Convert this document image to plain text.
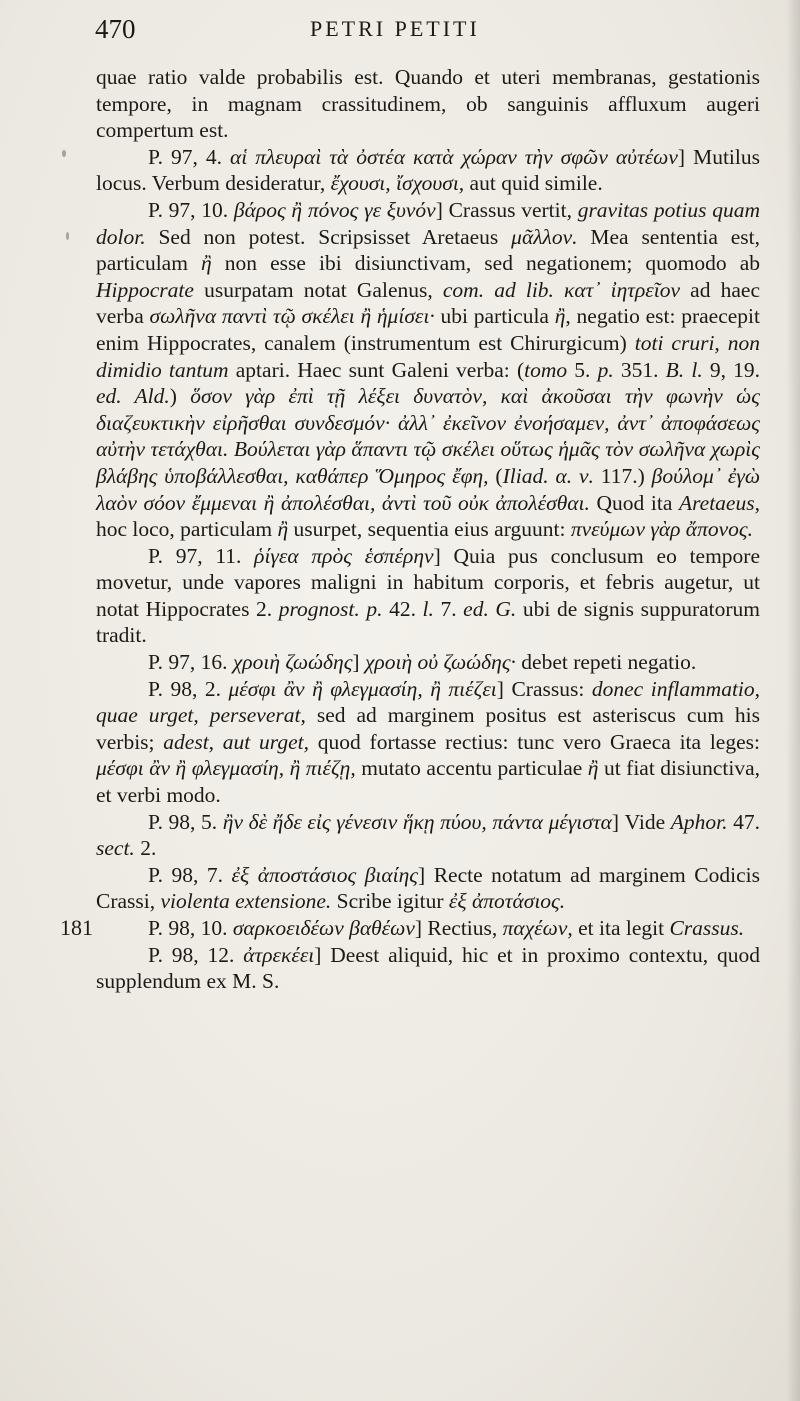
470	PETRI PETITI

quae ratio valde probabilis est. Quando et uteri membranas, gestationis tempore, in magnam crassitudinem, ob sanguinis affluxum augeri compertum est.

P. 97, 4. αἱ πλευραὶ τὰ ὀστέα κατὰ χώραν τὴν σφῶν αὐτέων] Mutilus locus. Verbum desideratur, ἔχουσι, ἴσχουσι, aut quid simile.

P. 97, 10. βάρος ἢ πόνος γε ξυνόν] Crassus vertit, gravitas potius quam dolor. Sed non potest. Scripsisset Aretaeus μᾶλλον. Mea sententia est, particulam ἢ non esse ibi disiunctivam, sed negationem; quomodo ab Hippocrate usurpatam notat Galenus, com. ad lib. κατ᾽ ἰητρεῖον ad haec verba σωλῆνα παντὶ τῷ σκέλει ἢ ἡμίσει· ubi particula ἢ, negatio est: praecepit enim Hippocrates, canalem (instrumentum est Chirurgicum) toti cruri, non dimidio tantum aptari. Haec sunt Galeni verba: (tomo 5. p. 351. B. l. 9, 19. ed. Ald.) ὅσον γὰρ ἐπὶ τῇ λέξει δυνατὸν, καὶ ἀκοῦσαι τὴν φωνὴν ὡς διαζευκτικὴν εἰρῆσθαι συνδεσμόν· ἀλλ᾽ ἐκεῖνον ἐνοήσαμεν, ἀντ᾽ ἀποφάσεως αὐτὴν τετάχθαι. Βούλεται γὰρ ἅπαντι τῷ σκέλει οὕτως ἡμᾶς τὸν σωλῆνα χωρὶς βλάβης ὑποβάλλεσθαι, καθάπερ Ὅμηρος ἔφη, (Iliad. α. ν. 117.) βούλομ᾽ ἐγὼ λαὸν σόον ἔμμεναι ἢ ἀπολέσθαι, ἀντὶ τοῦ οὐκ ἀπολέσθαι. Quod ita Aretaeus, hoc loco, particulam ἢ usurpet, sequentia eius arguunt: πνεύμων γὰρ ἄπονος.

P. 97, 11. ῥίγεα πρὸς ἑσπέρην] Quia pus conclusum eo tempore movetur, unde vapores maligni in habitum corporis, et febris augetur, ut notat Hippocrates 2. prognost. p. 42. l. 7. ed. G. ubi de signis suppuratorum tradit.

P. 97, 16. χροιὴ ζωώδης] χροιὴ οὐ ζωώδης· debet repeti negatio.

P. 98, 2. μέσφι ἂν ἢ φλεγμασίη, ἢ πιέζει] Crassus: donec inflammatio, quae urget, perseverat, sed ad marginem positus est asteriscus cum his verbis; adest, aut urget, quod fortasse rectius: tunc vero Graeca ita leges: μέσφι ἂν ἢ φλεγμασίη, ἢ πιέζῃ, mutato accentu particulae ἢ ut fiat disiunctiva, et verbi modo.

P. 98, 5. ἢν δὲ ἤδε εἰς γένεσιν ἥκῃ πύου, πάντα μέγιστα] Vide Aphor. 47. sect. 2.

P. 98, 7. ἐξ ἀποστάσιος βιαίης] Recte notatum ad marginem Codicis Crassi, violenta extensione. Scribe igitur ἐξ ἀποτάσιος.

181	P. 98, 10. σαρκοειδέων βαθέων] Rectius, παχέων, et ita legit Crassus.

P. 98, 12. ἀτρεκέει] Deest aliquid, hic et in proximo contextu, quod supplendum ex M. S.
